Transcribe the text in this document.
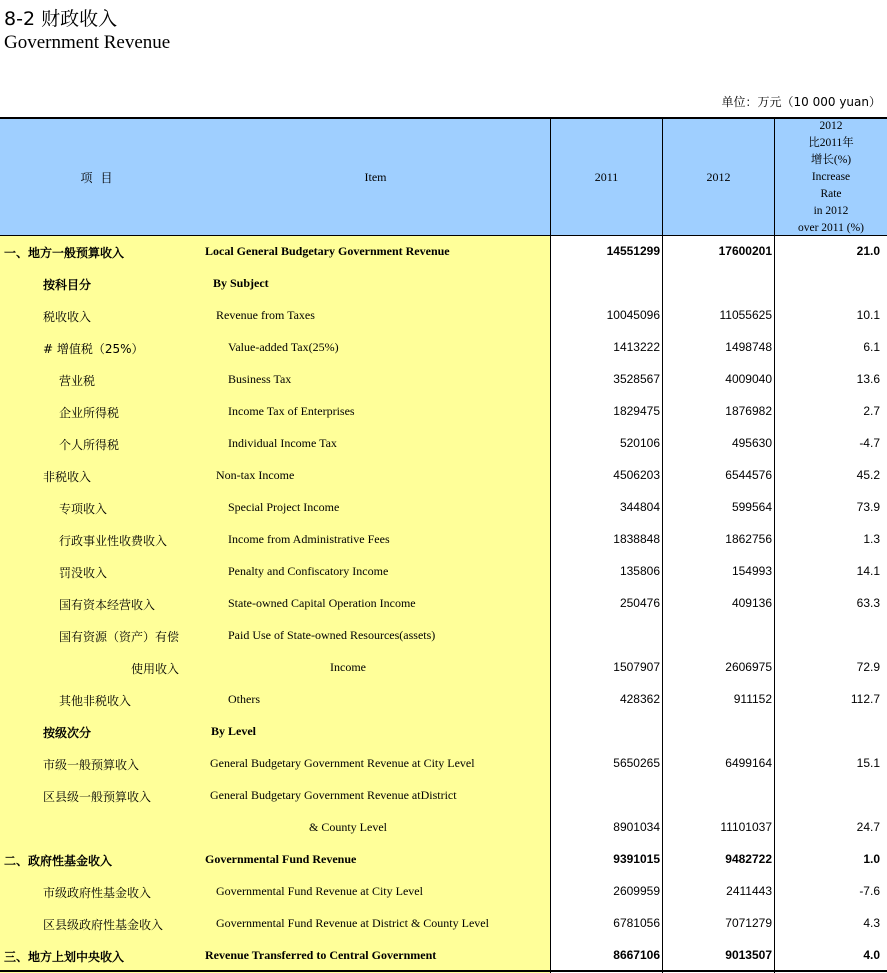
8-2 财政收入
Government Revenue
单位：万元（10 000 yuan）
项目	Item	2011	2012
2012
比2011年
增长(%)
Increase
Rate
in 2012
over 2011 (%)
一、地方一般预算收入	Local General Budgetary Government Revenue	14551299	17600201	21.0
按科目分	By Subject
税收收入	Revenue from Taxes	10045096	11055625	10.1
# 增值税（25%）	Value-added Tax(25%)	1413222	1498748	6.1
营业税	Business Tax	3528567	4009040	13.6
企业所得税	Income Tax of Enterprises	1829475	1876982	2.7
个人所得税	Individual Income Tax	520106	495630	-4.7
非税收入	Non-tax Income	4506203	6544576	45.2
专项收入	Special Project Income	344804	599564	73.9
行政事业性收费收入	Income from Administrative Fees	1838848	1862756	1.3
罚没收入	Penalty and Confiscatory Income	135806	154993	14.1
国有资本经营收入	State-owned Capital Operation Income	250476	409136	63.3
国有资源（资产）有偿	Paid Use of State-owned Resources(assets)
使用收入	Income	1507907	2606975	72.9
其他非税收入	Others	428362	911152	112.7
按级次分	By Level
市级一般预算收入	General Budgetary Government Revenue at City Level	5650265	6499164	15.1
区县级一般预算收入	General Budgetary Government Revenue atDistrict
& County Level	8901034	11101037	24.7
二、政府性基金收入	Governmental Fund Revenue	9391015	9482722	1.0
市级政府性基金收入	Governmental Fund Revenue at City Level	2609959	2411443	-7.6
区县级政府性基金收入	Governmental Fund Revenue at District & County Level	6781056	7071279	4.3
三、地方上划中央收入	Revenue Transferred to Central Government	8667106	9013507	4.0
